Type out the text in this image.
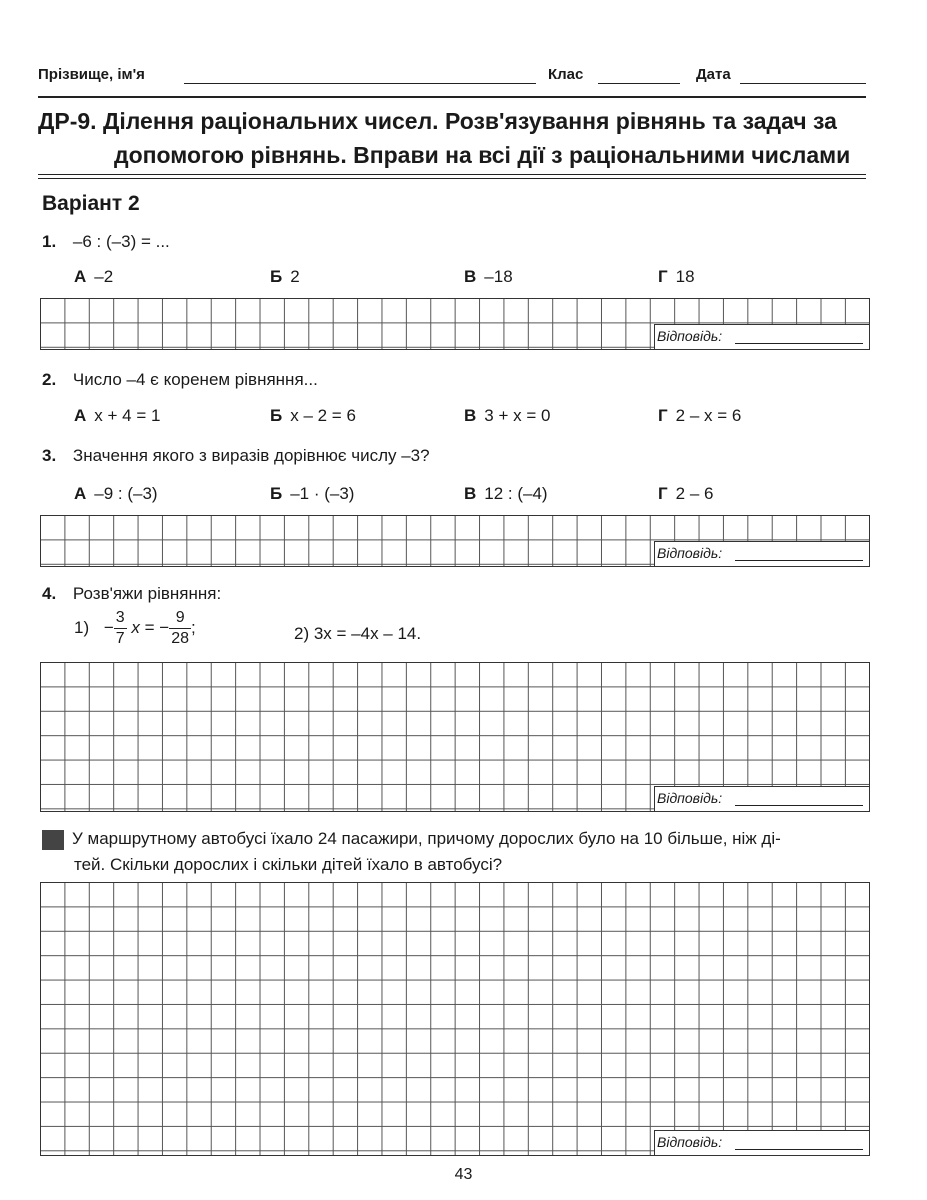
Прізвище, ім'я	Клас	Дата
ДР-9. Ділення раціональних чисел. Розв'язування рівнянь та задач за
допомогою рівнянь. Вправи на всі дії з раціональними числами
Варіант 2
1. –6 : (–3) = ...
А –2	Б 2	В –18	Г 18
Відповідь:
2. Число –4 є коренем рівняння...
А x + 4 = 1	Б x – 2 = 6	В 3 + x = 0	Г 2 – x = 6
3. Значення якого з виразів дорівнює числу –3?
А –9 : (–3)	Б –1 · (–3)	В 12 : (–4)	Г 2 – 6
Відповідь:
4. Розв'яжи рівняння:
$1) - \frac{3}{7}$ x = − $\frac{9}{28}$ ;	2) 3x = –4x – 14.
Відповідь:
У маршрутному автобусі їхало 24 пасажири, причому дорослих було на 10 більше, ніж ді-
тей. Скільки дорослих і скільки дітей їхало в автобусі?
Відповідь:
43
